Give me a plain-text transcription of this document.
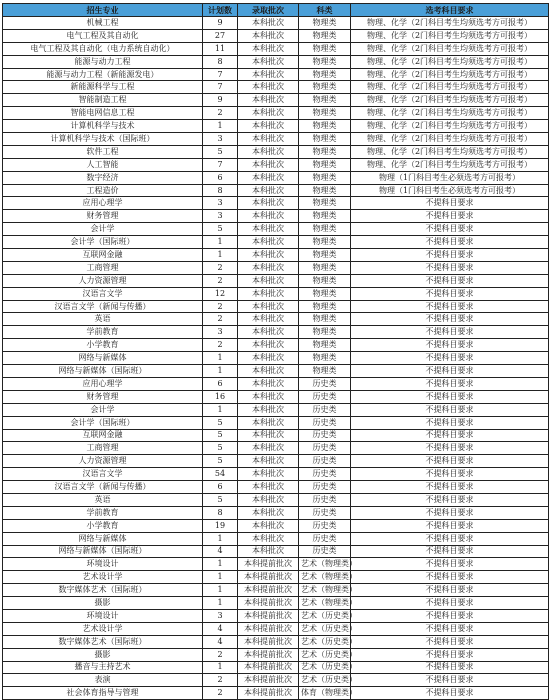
招生专业	计划数	录取批次	科类	选考科目要求
机械工程	9	本科批次	物理类	物理、化学（2门科目考生均须选考方可报考）
电气工程及其自动化	27	本科批次	物理类	物理、化学（2门科目考生均须选考方可报考）
电气工程及其自动化（电力系统自动化）	11	本科批次	物理类	物理、化学（2门科目考生均须选考方可报考）
能源与动力工程	8	本科批次	物理类	物理、化学（2门科目考生均须选考方可报考）
能源与动力工程（新能源发电）	7	本科批次	物理类	物理、化学（2门科目考生均须选考方可报考）
新能源科学与工程	7	本科批次	物理类	物理、化学（2门科目考生均须选考方可报考）
智能制造工程	9	本科批次	物理类	物理、化学（2门科目考生均须选考方可报考）
智能电网信息工程	2	本科批次	物理类	物理、化学（2门科目考生均须选考方可报考）
计算机科学与技术	1	本科批次	物理类	物理、化学（2门科目考生均须选考方可报考）
计算机科学与技术（国际班）	3	本科批次	物理类	物理、化学（2门科目考生均须选考方可报考）
软件工程	5	本科批次	物理类	物理、化学（2门科目考生均须选考方可报考）
人工智能	7	本科批次	物理类	物理、化学（2门科目考生均须选考方可报考）
数字经济	6	本科批次	物理类	物理（1门科目考生必须选考方可报考）
工程造价	8	本科批次	物理类	物理（1门科目考生必须选考方可报考）
应用心理学	3	本科批次	物理类	不提科目要求
财务管理	3	本科批次	物理类	不提科目要求
会计学	5	本科批次	物理类	不提科目要求
会计学（国际班）	1	本科批次	物理类	不提科目要求
互联网金融	1	本科批次	物理类	不提科目要求
工商管理	2	本科批次	物理类	不提科目要求
人力资源管理	2	本科批次	物理类	不提科目要求
汉语言文学	12	本科批次	物理类	不提科目要求
汉语言文学（新闻与传播）	2	本科批次	物理类	不提科目要求
英语	2	本科批次	物理类	不提科目要求
学前教育	3	本科批次	物理类	不提科目要求
小学教育	2	本科批次	物理类	不提科目要求
网络与新媒体	1	本科批次	物理类	不提科目要求
网络与新媒体（国际班）	1	本科批次	物理类	不提科目要求
应用心理学	6	本科批次	历史类	不提科目要求
财务管理	16	本科批次	历史类	不提科目要求
会计学	1	本科批次	历史类	不提科目要求
会计学（国际班）	5	本科批次	历史类	不提科目要求
互联网金融	5	本科批次	历史类	不提科目要求
工商管理	5	本科批次	历史类	不提科目要求
人力资源管理	5	本科批次	历史类	不提科目要求
汉语言文学	54	本科批次	历史类	不提科目要求
汉语言文学（新闻与传播）	6	本科批次	历史类	不提科目要求
英语	5	本科批次	历史类	不提科目要求
学前教育	8	本科批次	历史类	不提科目要求
小学教育	19	本科批次	历史类	不提科目要求
网络与新媒体	1	本科批次	历史类	不提科目要求
网络与新媒体（国际班）	4	本科批次	历史类	不提科目要求
环境设计	1	本科提前批次	艺术（物理类）	不提科目要求
艺术设计学	1	本科提前批次	艺术（物理类）	不提科目要求
数字媒体艺术（国际班）	1	本科提前批次	艺术（物理类）	不提科目要求
摄影	1	本科提前批次	艺术（物理类）	不提科目要求
环境设计	3	本科提前批次	艺术（历史类）	不提科目要求
艺术设计学	4	本科提前批次	艺术（历史类）	不提科目要求
数字媒体艺术（国际班）	4	本科提前批次	艺术（历史类）	不提科目要求
摄影	2	本科提前批次	艺术（历史类）	不提科目要求
播音与主持艺术	1	本科提前批次	艺术（历史类）	不提科目要求
表演	2	本科提前批次	艺术（历史类）	不提科目要求
社会体育指导与管理	2	本科提前批次	体育（物理类）	不提科目要求
